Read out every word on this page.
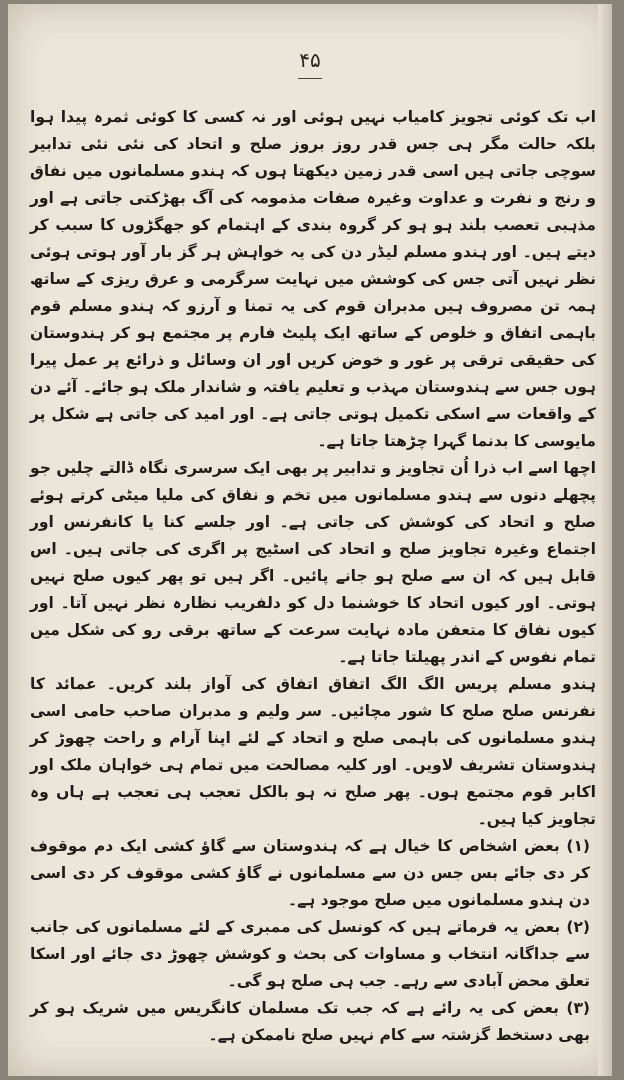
۴۵

اب تک کوئی تجویز کامیاب نہیں ہوئی اور نہ کسی کا کوئی ثمرہ پیدا ہوا بلکہ حالت مگر ہی جس قدر روز بروز صلح و اتحاد کی نئی نئی تدابیر سوچی جاتی ہیں اسی قدر زمین دیکھتا ہوں کہ ہندو مسلمانوں میں نفاق و رنج و نفرت و عداوت وغیرہ صفات مذمومہ کی آگ بھڑکتی جاتی ہے اور مذہبی تعصب بلند ہو ہو کر گروہ بندی کے اہتمام کو جھگڑوں کا سبب کر دیتے ہیں۔ اور ہندو مسلم لیڈر دن کی یہ خواہش ہر گز بار آور ہوتی ہوئی نظر نہیں آتی جس کی کوشش میں نہایت سرگرمی و عرق ریزی کے ساتھ ہمہ تن مصروف ہیں مدبران قوم کی یہ تمنا و آرزو کہ ہندو مسلم قوم باہمی اتفاق و خلوص کے ساتھ ایک پلیٹ فارم پر مجتمع ہو کر ہندوستان کی حقیقی ترقی پر غور و خوض کریں اور ان وسائل و ذرائع پر عمل پیرا ہوں جس سے ہندوستان مہذب و تعلیم یافتہ و شاندار ملک ہو جائے۔ آئے دن کے واقعات سے اسکی تکمیل ہوتی جاتی ہے۔ اور امید کی جاتی ہے شکل پر مایوسی کا بدنما گہرا چڑھتا جاتا ہے۔

اچھا اسے اب ذرا اُن تجاویز و تدابیر پر بھی ایک سرسری نگاہ ڈالتے چلیں جو پچھلے دنوں سے ہندو مسلمانوں میں تخم و نفاق کی ملیا میٹی کرتے ہوئے صلح و اتحاد کی کوشش کی جاتی ہے۔ اور جلسے کنا یا کانفرنس اور اجتماع وغیرہ تجاویز صلح و اتحاد کی اسٹیج پر اگری کی جاتی ہیں۔ اس قابل ہیں کہ ان سے صلح ہو جانے پائیں۔ اگر ہیں تو پھر کیوں صلح نہیں ہوتی۔ اور کیوں اتحاد کا خوشنما دل کو دلفریب نظارہ نظر نہیں آتا۔ اور کیوں نفاق کا متعفن مادہ نہایت سرعت کے ساتھ برقی رو کی شکل میں تمام نفوس کے اندر پھیلتا جاتا ہے۔

ہندو مسلم پریس الگ الگ اتفاق اتفاق کی آواز بلند کریں۔ عمائد کا نفرنس صلح صلح کا شور مچائیں۔ سر ولیم و مدبران صاحب حامی اسی ہندو مسلمانوں کی باہمی صلح و اتحاد کے لئے اپنا آرام و راحت چھوڑ کر ہندوستان تشریف لاویں۔ اور کلیہ مصالحت میں تمام ہی خواہان ملک اور اکابر قوم مجتمع ہوں۔ پھر صلح نہ ہو بالکل تعجب ہی تعجب ہے ہاں وہ تجاویز کیا ہیں۔

(۱) بعض اشخاص کا خیال ہے کہ ہندوستان سے گاؤ کشی ایک دم موقوف کر دی جائے بس جس دن سے مسلمانوں نے گاؤ کشی موقوف کر دی اسی دن ہندو مسلمانوں میں صلح موجود ہے۔

(۲) بعض یہ فرماتے ہیں کہ کونسل کی ممبری کے لئے مسلمانوں کی جانب سے جداگانہ انتخاب و مساوات کی بحث و کوشش چھوڑ دی جائے اور اسکا تعلق محض آبادی سے رہے۔ جب ہی صلح ہو گی۔

(۳) بعض کی یہ رائے ہے کہ جب تک مسلمان کانگریس میں شریک ہو کر بھی دستخط گزشتہ سے کام نہیں صلح ناممکن ہے۔
